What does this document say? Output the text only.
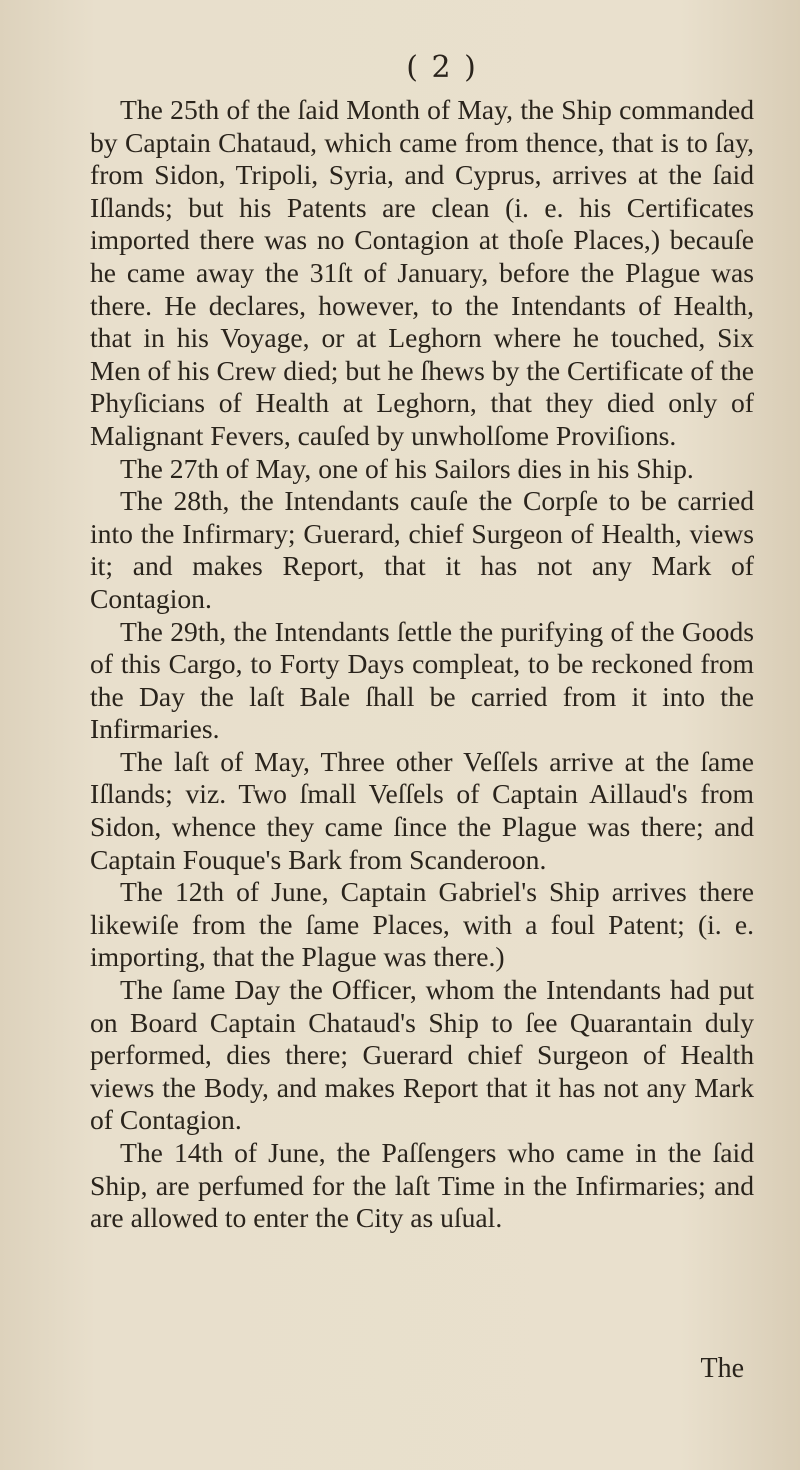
( 2 )

The 25th of the ſaid Month of May, the Ship commanded by Captain Chataud, which came from thence, that is to ſay, from Sidon, Tripoli, Syria, and Cyprus, arrives at the ſaid Iſlands; but his Patents are clean (i. e. his Certificates imported there was no Contagion at thoſe Places,) becauſe he came away the 31ſt of January, before the Plague was there. He declares, however, to the Intendants of Health, that in his Voyage, or at Leghorn where he touched, Six Men of his Crew died; but he ſhews by the Certificate of the Phyſicians of Health at Leghorn, that they died only of Malignant Fevers, cauſed by unwholſome Proviſions.

The 27th of May, one of his Sailors dies in his Ship.

The 28th, the Intendants cauſe the Corpſe to be carried into the Infirmary; Guerard, chief Surgeon of Health, views it; and makes Report, that it has not any Mark of Contagion.

The 29th, the Intendants ſettle the purifying of the Goods of this Cargo, to Forty Days compleat, to be reckoned from the Day the laſt Bale ſhall be carried from it into the Infirmaries.

The laſt of May, Three other Veſſels arrive at the ſame Iſlands; viz. Two ſmall Veſſels of Captain Aillaud's from Sidon, whence they came ſince the Plague was there; and Captain Fouque's Bark from Scanderoon.

The 12th of June, Captain Gabriel's Ship arrives there likewiſe from the ſame Places, with a foul Patent; (i. e. importing, that the Plague was there.)

The ſame Day the Officer, whom the Intendants had put on Board Captain Chataud's Ship to ſee Quarantain duly performed, dies there; Guerard chief Surgeon of Health views the Body, and makes Report that it has not any Mark of Contagion.

The 14th of June, the Paſſengers who came in the ſaid Ship, are perfumed for the laſt Time in the Infirmaries; and are allowed to enter the City as uſual.

The
